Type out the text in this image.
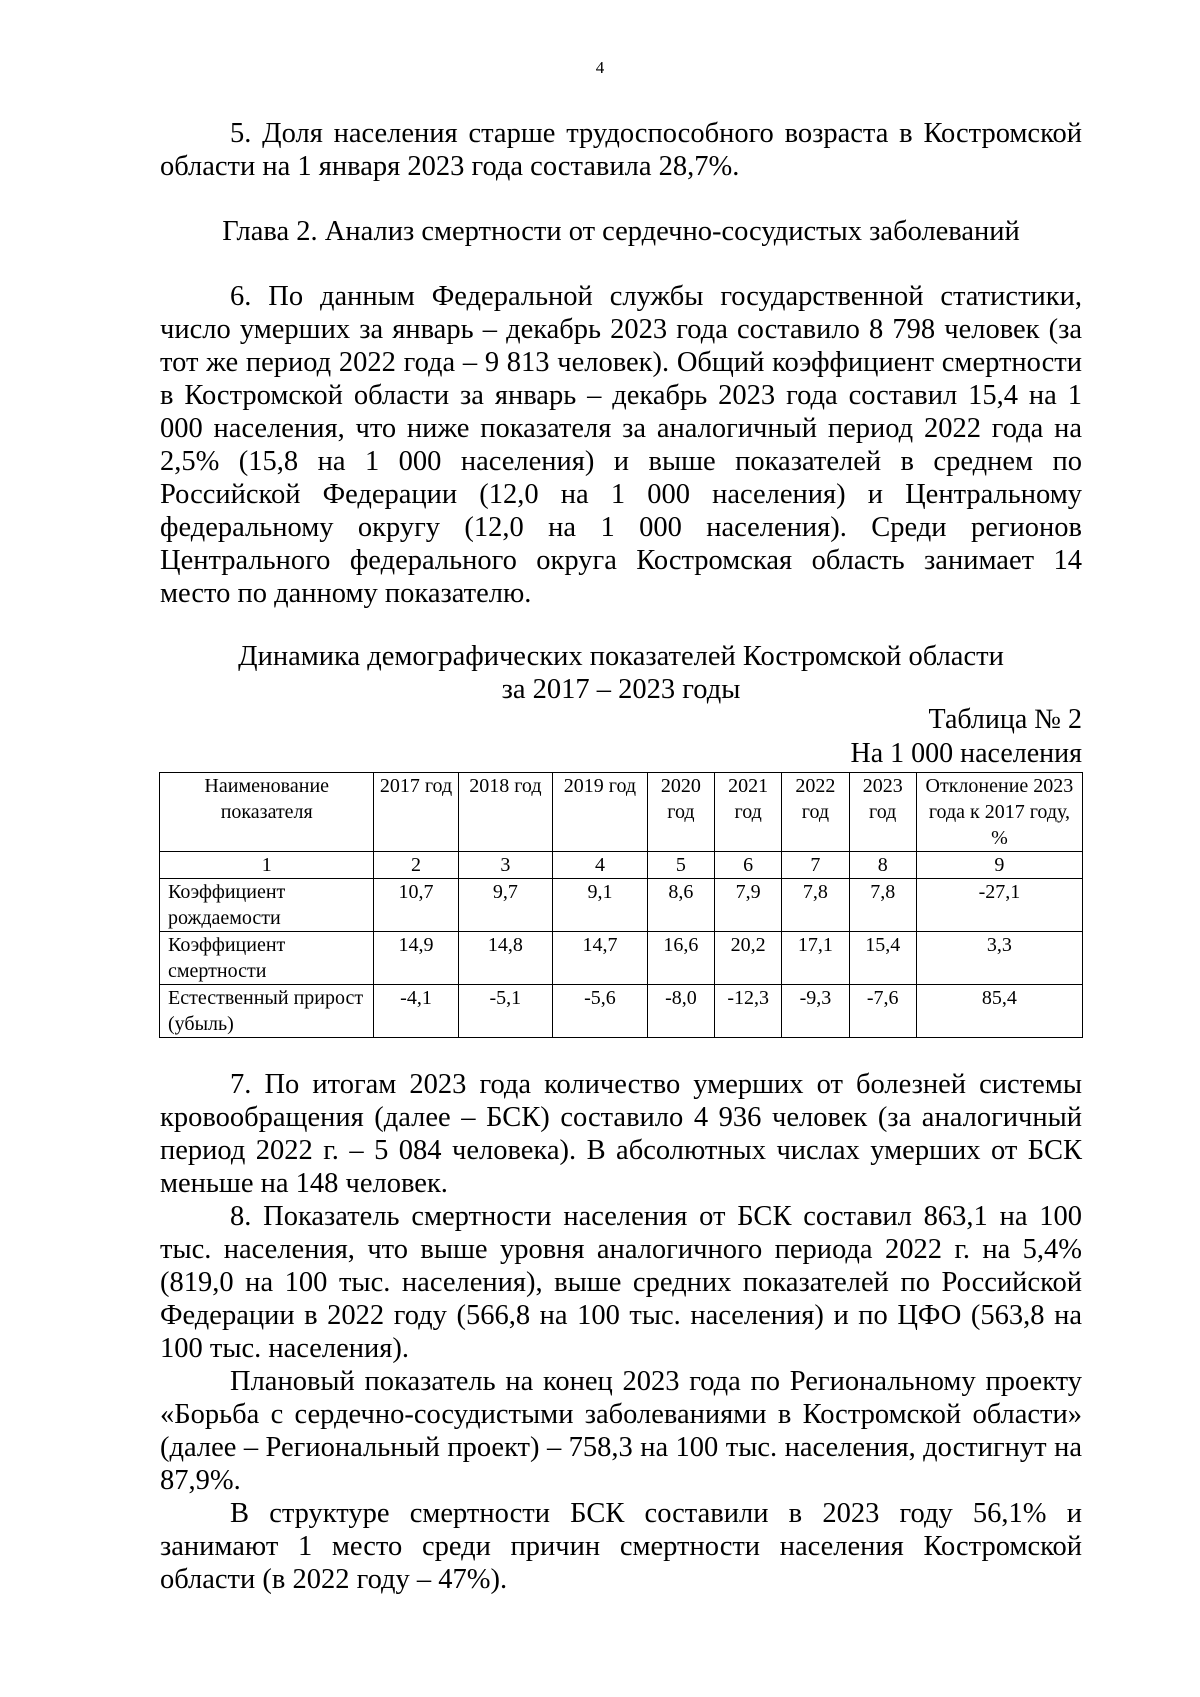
4

5. Доля населения старше трудоспособного возраста в Костромской области на 1 января 2023 года составила 28,7%.

Глава 2. Анализ смертности от сердечно-сосудистых заболеваний

6. По данным Федеральной службы государственной статистики, число умерших за январь – декабрь 2023 года составило 8 798 человек (за тот же период 2022 года – 9 813 человек). Общий коэффициент смертности в Костромской области за январь – декабрь 2023 года составил 15,4 на 1 000 населения, что ниже показателя за аналогичный период 2022 года на 2,5% (15,8 на 1 000 населения) и выше показателей в среднем по Российской Федерации (12,0 на 1 000 населения) и Центральному федеральному округу (12,0 на 1 000 населения). Среди регионов Центрального федерального округа Костромская область занимает 14 место по данному показателю.

Динамика демографических показателей Костромской области
за 2017 – 2023 годы
Таблица № 2
На 1 000 населения
Наименование показателя	2017 год	2018 год	2019 год	2020 год	2021 год	2022 год	2023 год	Отклонение 2023 года к 2017 году, %
1	2	3	4	5	6	7	8	9
Коэффициент рождаемости	10,7	9,7	9,1	8,6	7,9	7,8	7,8	-27,1
Коэффициент смертности	14,9	14,8	14,7	16,6	20,2	17,1	15,4	3,3
Естественный прирост (убыль)	-4,1	-5,1	-5,6	-8,0	-12,3	-9,3	-7,6	85,4

7. По итогам 2023 года количество умерших от болезней системы кровообращения (далее – БСК) составило 4 936 человек (за аналогичный период 2022 г. – 5 084 человека). В абсолютных числах умерших от БСК меньше на 148 человек.

8. Показатель смертности населения от БСК составил 863,1 на 100 тыс. населения, что выше уровня аналогичного периода 2022 г. на 5,4% (819,0 на 100 тыс. населения), выше средних показателей по Российской Федерации в 2022 году (566,8 на 100 тыс. населения) и по ЦФО (563,8 на 100 тыс. населения).

Плановый показатель на конец 2023 года по Региональному проекту «Борьба с сердечно-сосудистыми заболеваниями в Костромской области» (далее – Региональный проект) – 758,3 на 100 тыс. населения, достигнут на 87,9%.

В структуре смертности БСК составили в 2023 году 56,1% и занимают 1 место среди причин смертности населения Костромской области (в 2022 году – 47%).
